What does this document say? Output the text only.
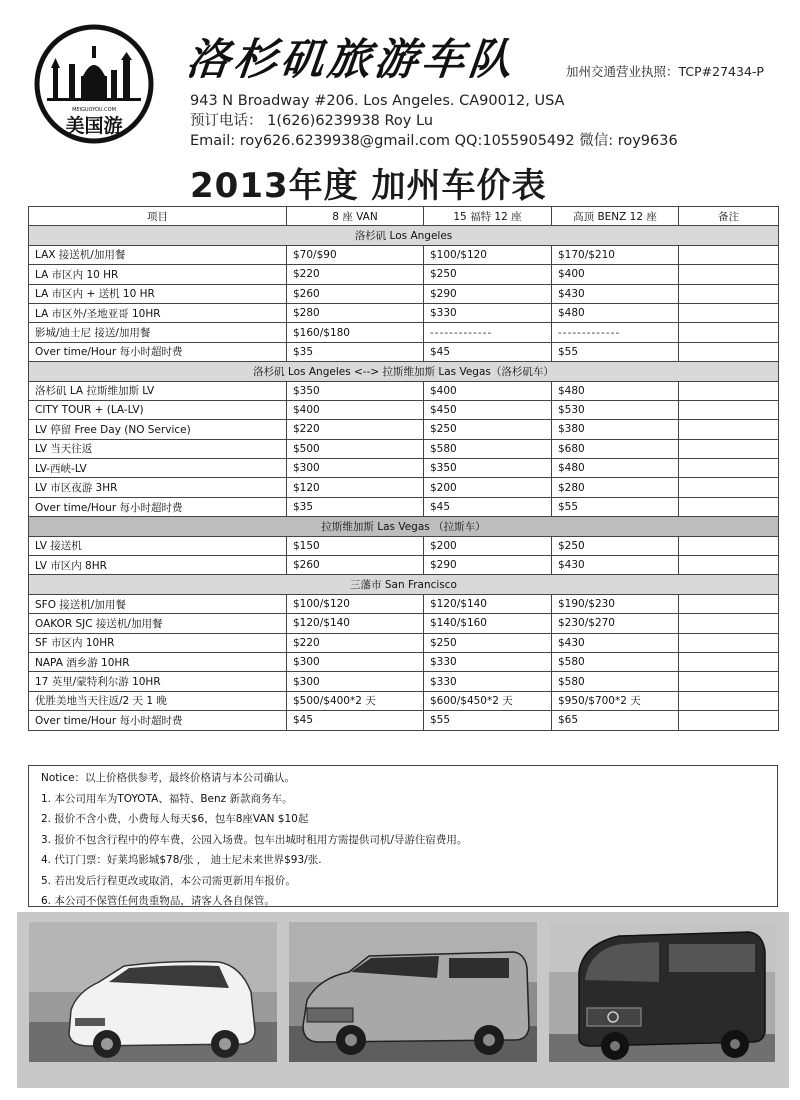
MEIGUOYOU.COM
美国游
洛杉矶旅游车队	加州交通营业执照：TCP#27434-P
943 N Broadway #206. Los Angeles. CA90012, USA
预订电话： 1(626)6239938 Roy Lu
Email: roy626.6239938@gmail.com QQ:1055905492 微信: roy9636
2013年度 加州车价表
项目	8 座 VAN	15 福特 12 座	高顶 BENZ 12 座	备注
洛杉矶 Los Angeles				
LAX 接送机/加用餐	$70/$90	$100/$120	$170/$210	
LA 市区内 10 HR	$220	$250	$400	
LA 市区内 + 送机 10 HR	$260	$290	$430	
LA 市区外/圣地亚哥 10HR	$280	$330	$480	
影城/迪士尼 接送/加用餐	$160/$180	-------------	-------------	
Over time/Hour 每小时超时费	$35	$45	$55	
洛杉矶 Los Angeles <--> 拉斯维加斯 Las Vegas（洛杉矶车）				
洛杉矶 LA 拉斯维加斯 LV	$350	$400	$480	
CITY TOUR + (LA-LV)	$400	$450	$530	
LV 停留 Free Day (NO Service)	$220	$250	$380	
LV 当天往返	$500	$580	$680	
LV-西峡-LV	$300	$350	$480	
LV 市区夜游 3HR	$120	$200	$280	
Over time/Hour 每小时超时费	$35	$45	$55	
拉斯维加斯 Las Vegas （拉斯车）				
LV 接送机	$150	$200	$250	
LV 市区内 8HR	$260	$290	$430	
三藩市 San Francisco				
SFO 接送机/加用餐	$100/$120	$120/$140	$190/$230	
OAKOR SJC 接送机/加用餐	$120/$140	$140/$160	$230/$270	
SF 市区内 10HR	$220	$250	$430	
NAPA 酒乡游 10HR	$300	$330	$580	
17 英里/蒙特利尔游 10HR	$300	$330	$580	
优胜美地当天往返/2 天 1 晚	$500/$400*2 天	$600/$450*2 天	$950/$700*2 天	
Over time/Hour 每小时超时费	$45	$55	$65	
Notice：以上价格供参考，最终价格请与本公司确认。
1. 本公司用车为TOYOTA、福特、Benz 新款商务车。
2. 报价不含小费，小费每人每天$6，包车8座VAN $10起
3. 报价不包含行程中的停车费，公园入场费。包车出城时租用方需提供司机/导游住宿费用。
4. 代订门票：好莱坞影城$78/张 ， 迪士尼未来世界$93/张.
5. 若出发后行程更改或取消，本公司需更新用车报价。
6. 本公司不保管任何贵重物品，请客人各自保管。
